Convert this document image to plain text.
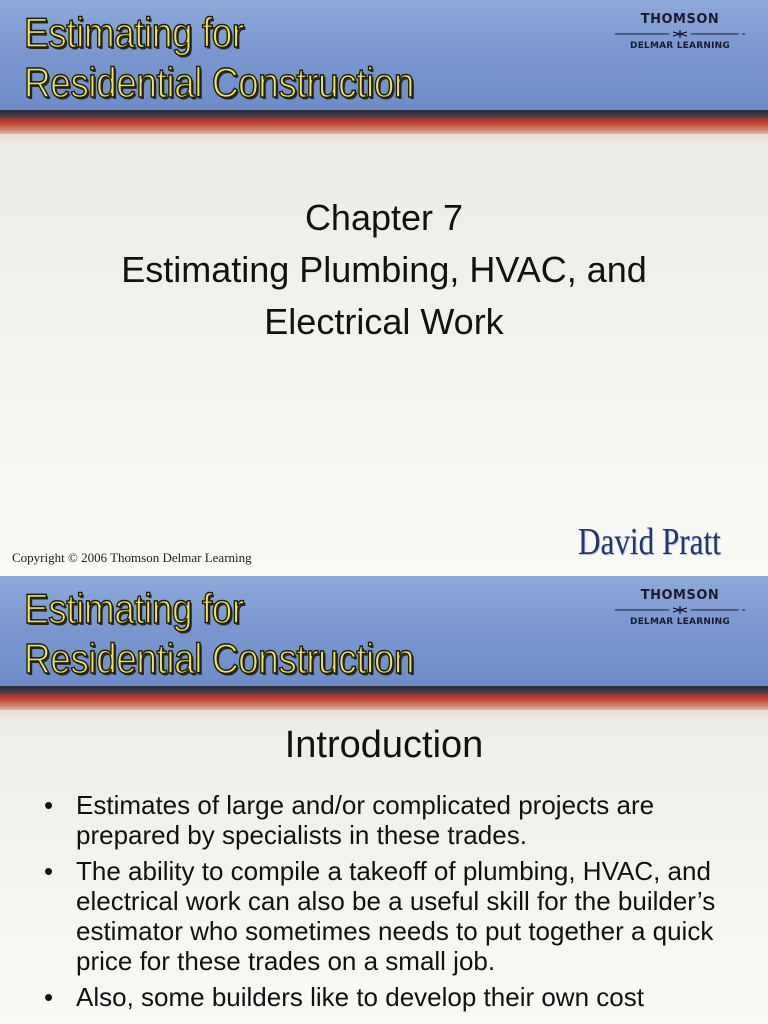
Estimating for
Residential Construction
THOMSON
DELMAR LEARNING
Chapter 7
Estimating Plumbing, HVAC, and
Electrical Work
Copyright © 2006 Thomson Delmar Learning	David Pratt
Estimating for
Residential Construction
THOMSON
DELMAR LEARNING
Introduction
• Estimates of large and/or complicated projects are prepared by specialists in these trades.
• The ability to compile a takeoff of plumbing, HVAC, and electrical work can also be a useful skill for the builder’s estimator who sometimes needs to put together a quick price for these trades on a small job.
• Also, some builders like to develop their own cost
